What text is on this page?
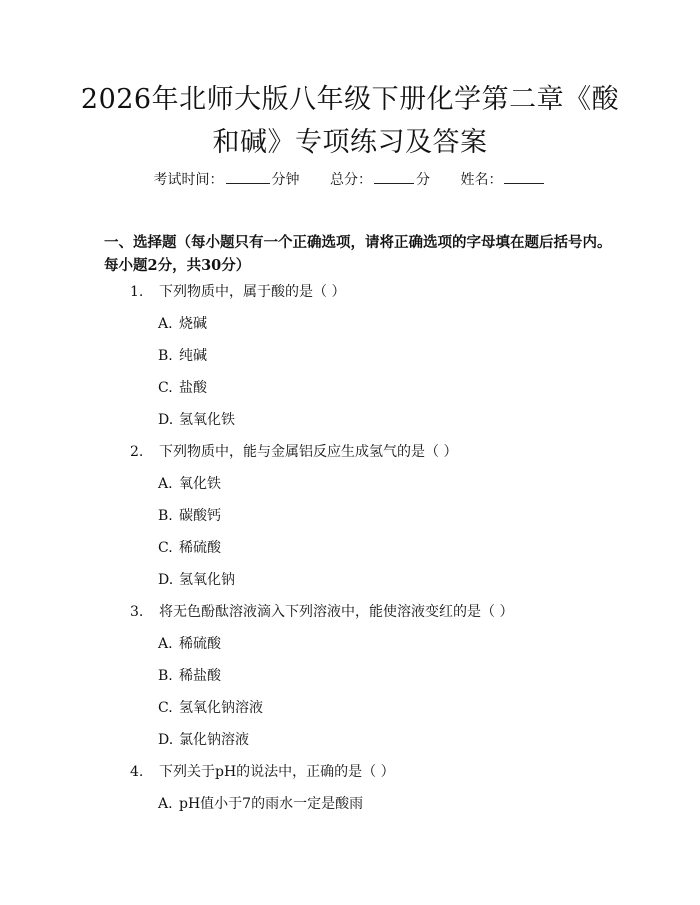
2026年北师大版八年级下册化学第二章《酸
和碱》专项练习及答案
考试时间：	分钟 总分：	分 姓名：
一、选择题（每小题只有一个正确选项，请将正确选项的字母填在题后括号内。每小题2分，共30分）
1. 下列物质中，属于酸的是（ ）
A. 烧碱
B. 纯碱
C. 盐酸
D. 氢氧化铁
2. 下列物质中，能与金属铝反应生成氢气的是（ ）
A. 氧化铁
B. 碳酸钙
C. 稀硫酸
D. 氢氧化钠
3. 将无色酚酞溶液滴入下列溶液中，能使溶液变红的是（ ）
A. 稀硫酸
B. 稀盐酸
C. 氢氧化钠溶液
D. 氯化钠溶液
4. 下列关于pH的说法中，正确的是（ ）
A. pH值小于7的雨水一定是酸雨
